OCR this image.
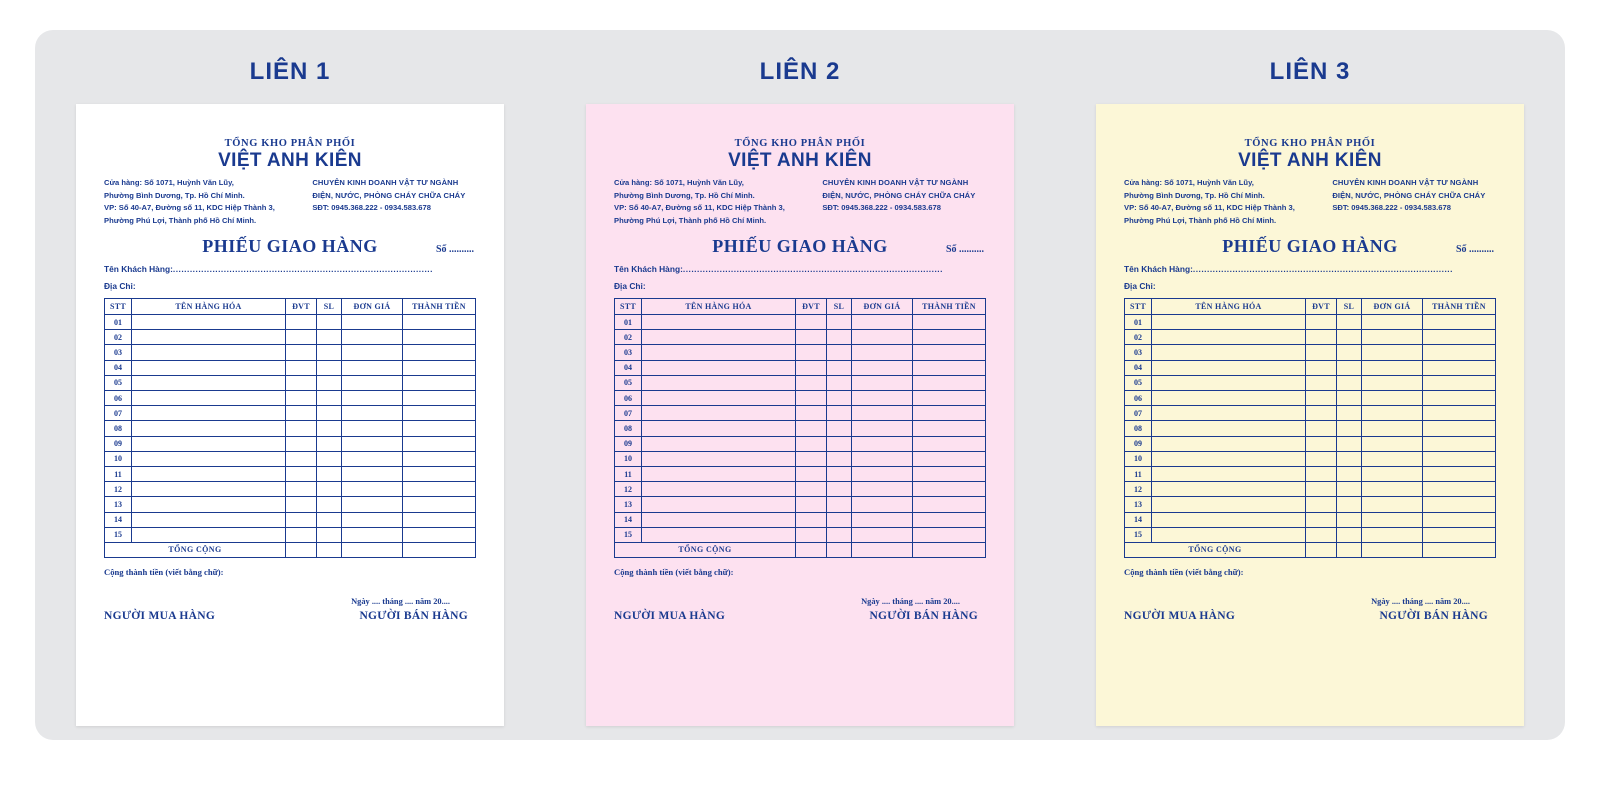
LIÊN 1
TỔNG KHO PHÂN PHỐI
VIỆT ANH KIÊN
Cửa hàng: Số 1071, Huỳnh Văn Lũy,
Phường Bình Dương, Tp. Hồ Chí Minh.
VP: Số 40-A7, Đường số 11, KDC Hiệp Thành 3,
Phường Phú Lợi, Thành phố Hồ Chí Minh.
CHUYÊN KINH DOANH VẬT TƯ NGÀNH
ĐIỆN, NƯỚC, PHÒNG CHÁY CHỮA CHÁY
SĐT: 0945.368.222 - 0934.583.678
PHIẾU GIAO HÀNG	Số ..........
Tên Khách Hàng:............................................................................................
Địa Chỉ:
STT	TÊN HÀNG HÓA	ĐVT	SL	ĐƠN GIÁ	THÀNH TIỀN
01					
02					
03					
04					
05					
06					
07					
08					
09					
10					
11					
12					
13					
14					
15					
TỔNG CỘNG					
Cộng thành tiền (viết bằng chữ):
Ngày .... tháng .... năm 20....
NGƯỜI MUA HÀNG	NGƯỜI BÁN HÀNG
LIÊN 2
TỔNG KHO PHÂN PHỐI
VIỆT ANH KIÊN
Cửa hàng: Số 1071, Huỳnh Văn Lũy,
Phường Bình Dương, Tp. Hồ Chí Minh.
VP: Số 40-A7, Đường số 11, KDC Hiệp Thành 3,
Phường Phú Lợi, Thành phố Hồ Chí Minh.
CHUYÊN KINH DOANH VẬT TƯ NGÀNH
ĐIỆN, NƯỚC, PHÒNG CHÁY CHỮA CHÁY
SĐT: 0945.368.222 - 0934.583.678
PHIẾU GIAO HÀNG	Số ..........
Tên Khách Hàng:............................................................................................
Địa Chỉ:
STT	TÊN HÀNG HÓA	ĐVT	SL	ĐƠN GIÁ	THÀNH TIỀN
01					
02					
03					
04					
05					
06					
07					
08					
09					
10					
11					
12					
13					
14					
15					
TỔNG CỘNG					
Cộng thành tiền (viết bằng chữ):
Ngày .... tháng .... năm 20....
NGƯỜI MUA HÀNG	NGƯỜI BÁN HÀNG
LIÊN 3
TỔNG KHO PHÂN PHỐI
VIỆT ANH KIÊN
Cửa hàng: Số 1071, Huỳnh Văn Lũy,
Phường Bình Dương, Tp. Hồ Chí Minh.
VP: Số 40-A7, Đường số 11, KDC Hiệp Thành 3,
Phường Phú Lợi, Thành phố Hồ Chí Minh.
CHUYÊN KINH DOANH VẬT TƯ NGÀNH
ĐIỆN, NƯỚC, PHÒNG CHÁY CHỮA CHÁY
SĐT: 0945.368.222 - 0934.583.678
PHIẾU GIAO HÀNG	Số ..........
Tên Khách Hàng:............................................................................................
Địa Chỉ:
STT	TÊN HÀNG HÓA	ĐVT	SL	ĐƠN GIÁ	THÀNH TIỀN
01					
02					
03					
04					
05					
06					
07					
08					
09					
10					
11					
12					
13					
14					
15					
TỔNG CỘNG					
Cộng thành tiền (viết bằng chữ):
Ngày .... tháng .... năm 20....
NGƯỜI MUA HÀNG	NGƯỜI BÁN HÀNG
